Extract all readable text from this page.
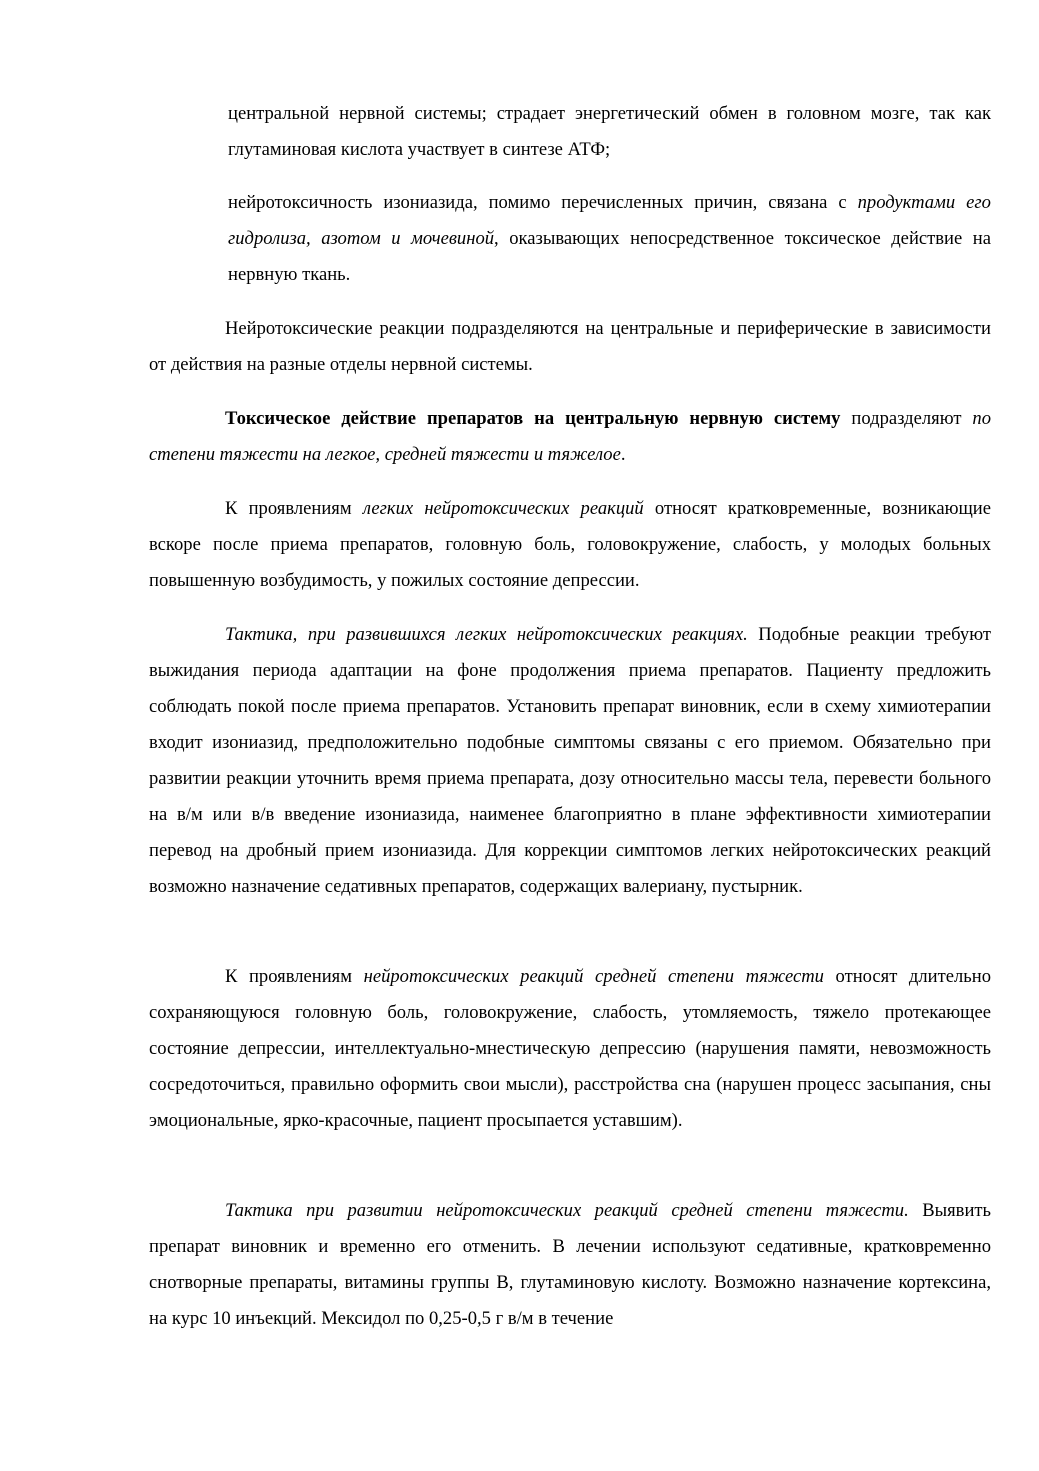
центральной нервной системы; страдает энергетический обмен в головном мозге, так как глутаминовая кислота участвует в синтезе АТФ;

нейротоксичность изониазида, помимо перечисленных причин, связана с продуктами его гидролиза, азотом и мочевиной, оказывающих непосредственное токсическое действие на нервную ткань.

Нейротоксические реакции подразделяются на центральные и периферические в зависимости от действия на разные отделы нервной системы.

Токсическое действие препаратов на центральную нервную систему подразделяют по степени тяжести на легкое, средней тяжести и тяжелое.

К проявлениям легких нейротоксических реакций относят кратковременные, возникающие вскоре после приема препаратов, головную боль, головокружение, слабость, у молодых больных повышенную возбудимость, у пожилых состояние депрессии.

Тактика, при развившихся легких нейротоксических реакциях. Подобные реакции требуют выжидания периода адаптации на фоне продолжения приема препаратов. Пациенту предложить соблюдать покой после приема препаратов. Установить препарат виновник, если в схему химиотерапии входит изониазид, предположительно подобные симптомы связаны с его приемом. Обязательно при развитии реакции уточнить время приема препарата, дозу относительно массы тела, перевести больного на в/м или в/в введение изониазида, наименее благоприятно в плане эффективности химиотерапии перевод на дробный прием изониазида. Для коррекции симптомов легких нейротоксических реакций возможно назначение седативных препаратов, содержащих валериану, пустырник.

К проявлениям нейротоксических реакций средней степени тяжести относят длительно сохраняющуюся головную боль, головокружение, слабость, утомляемость, тяжело протекающее состояние депрессии, интеллектуально-мнестическую депрессию (нарушения памяти, невозможность сосредоточиться, правильно оформить свои мысли), расстройства сна (нарушен процесс засыпания, сны эмоциональные, ярко-красочные, пациент просыпается уставшим).

Тактика при развитии нейротоксических реакций средней степени тяжести. Выявить препарат виновник и временно его отменить. В лечении используют седативные, кратковременно снотворные препараты, витамины группы В, глутаминовую кислоту. Возможно назначение кортексина, на курс 10 инъекций. Мексидол по 0,25-0,5 г в/м в течение
